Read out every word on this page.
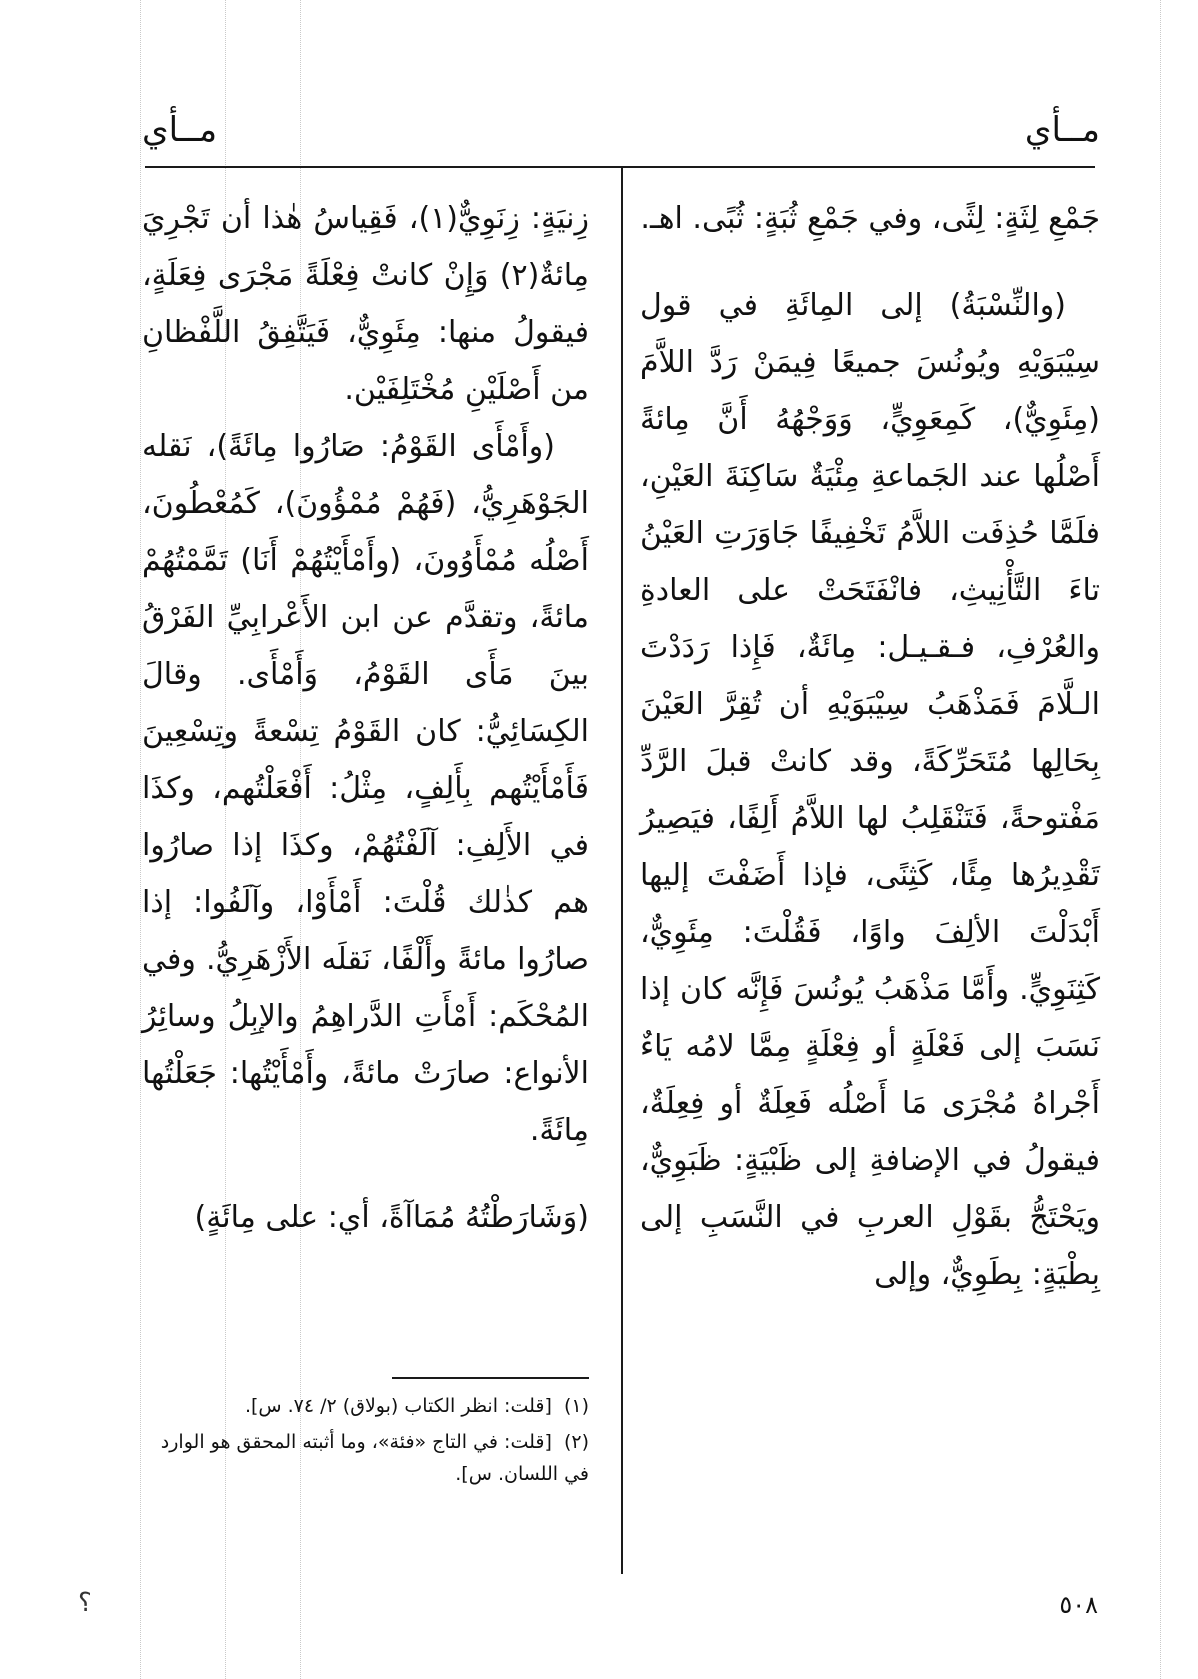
مــأي
مــأي

جَمْعِ لِثَةٍ: لِثًى، وفي جَمْعِ ثُبَةٍ: ثُبًى. اهـ.

(والنِّسْبَةُ) إلى المِائَةِ في قول سِيْبَوَيْهِ ويُونُسَ جميعًا فِيمَنْ رَدَّ اللاَّمَ (مِئَوِيٌّ)، كَمِعَوِيٍّ، وَوَجْهُهُ أَنَّ مِائةً أَصْلُها عند الجَماعةِ مِئْيَةٌ سَاكِنَةَ العَيْنِ، فلَمَّا حُذِفَت اللاَّمُ تَخْفِيفًا جَاوَرَتِ العَيْنُ تاءَ التَّأْنِيثِ، فانْفَتَحَتْ على العادةِ والعُرْفِ، فـقـيـل: مِائَةٌ، فَإِذا رَدَدْتَ الـلَّامَ فَمَذْهَبُ سِيْبَوَيْهِ أن تُقِرَّ العَيْنَ بِحَالِها مُتَحَرِّكَةً، وقد كانتْ قبلَ الرَّدِّ مَفْتوحةً، فَتَنْقَلِبُ لها اللاَّمُ أَلِفًا، فيَصِيرُ تَقْدِيرُها مِئًا، كَثِنًى، فإذا أَضَفْتَ إليها أَبْدَلْتَ الألِفَ واوًا، فَقُلْتَ: مِئَوِيٌّ، كَثِنَوِيٍّ. وأَمَّا مَذْهَبُ يُونُسَ فَإِنَّه كان إذا نَسَبَ إلى فَعْلَةٍ أو فِعْلَةٍ مِمَّا لامُه يَاءٌ أَجْراهُ مُجْرَى مَا أَصْلُه فَعِلَةٌ أو فِعِلَةٌ، فيقولُ في الإضافةِ إلى ظَبْيَةٍ: ظَبَوِيٌّ، ويَحْتَجُّ بقَوْلِ العربِ في النَّسَبِ إلى بِطْيَةٍ: بِطَوِيٌّ، وإلى

زِنيَةٍ: زِنَوِيٌّ(١)، فَقِياسُ هٰذا أن تَجْرِيَ مِائةٌ(٢) وَإِنْ كانتْ فِعْلَةً مَجْرَى فِعَلَةٍ، فيقولُ منها: مِئَوِيٌّ، فَيَتَّفِقُ اللَّفْظانِ من أَصْلَيْنِ مُخْتَلِفَيْن.

(وأَمْأَى القَوْمُ: صَارُوا مِائَةً)، نَقله الجَوْهَرِيُّ، (فَهُمْ مُمْؤُونَ)، كَمُعْطُونَ، أَصْلُه مُمْأَوُونَ، (وأَمْأَيْتُهُمْ أَنَا) تَمَّمْتُهُمْ مائةً، وتقدَّم عن ابن الأَعْرابِيِّ الفَرْقُ بينَ مَأَى القَوْمُ، وَأَمْأَى. وقالَ الكِسَائِيُّ: كان القَوْمُ تِسْعةً وتِسْعِينَ فَأَمْأَيْتُهم بِأَلِفٍ، مِثْلُ: أَفْعَلْتُهم، وكذَا في الأَلِفِ: آلَفْتُهُمْ، وكذَا إذا صارُوا هم كذٰلك قُلْتَ: أَمْأَوْا، وآلَفُوا: إذا صارُوا مائةً وأَلْفًا، نَقلَه الأَزْهَرِيُّ. وفي المُحْكَم: أَمْأَتِ الدَّراهِمُ والإبِلُ وسائِرُ الأنواع: صارَتْ مائةً، وأَمْأَيْتُها: جَعَلْتُها مِائَةً.

(وَشَارَطْتُهُ مُمَاآةً، أي: على مِائَةٍ)

(١) [قلت: انظر الكتاب (بولاق) ٢/ ٧٤. س].

(٢) [قلت: في التاج «فئة»، وما أثبته المحقق هو الوارد في اللسان. س].

٥٠٨
؟
